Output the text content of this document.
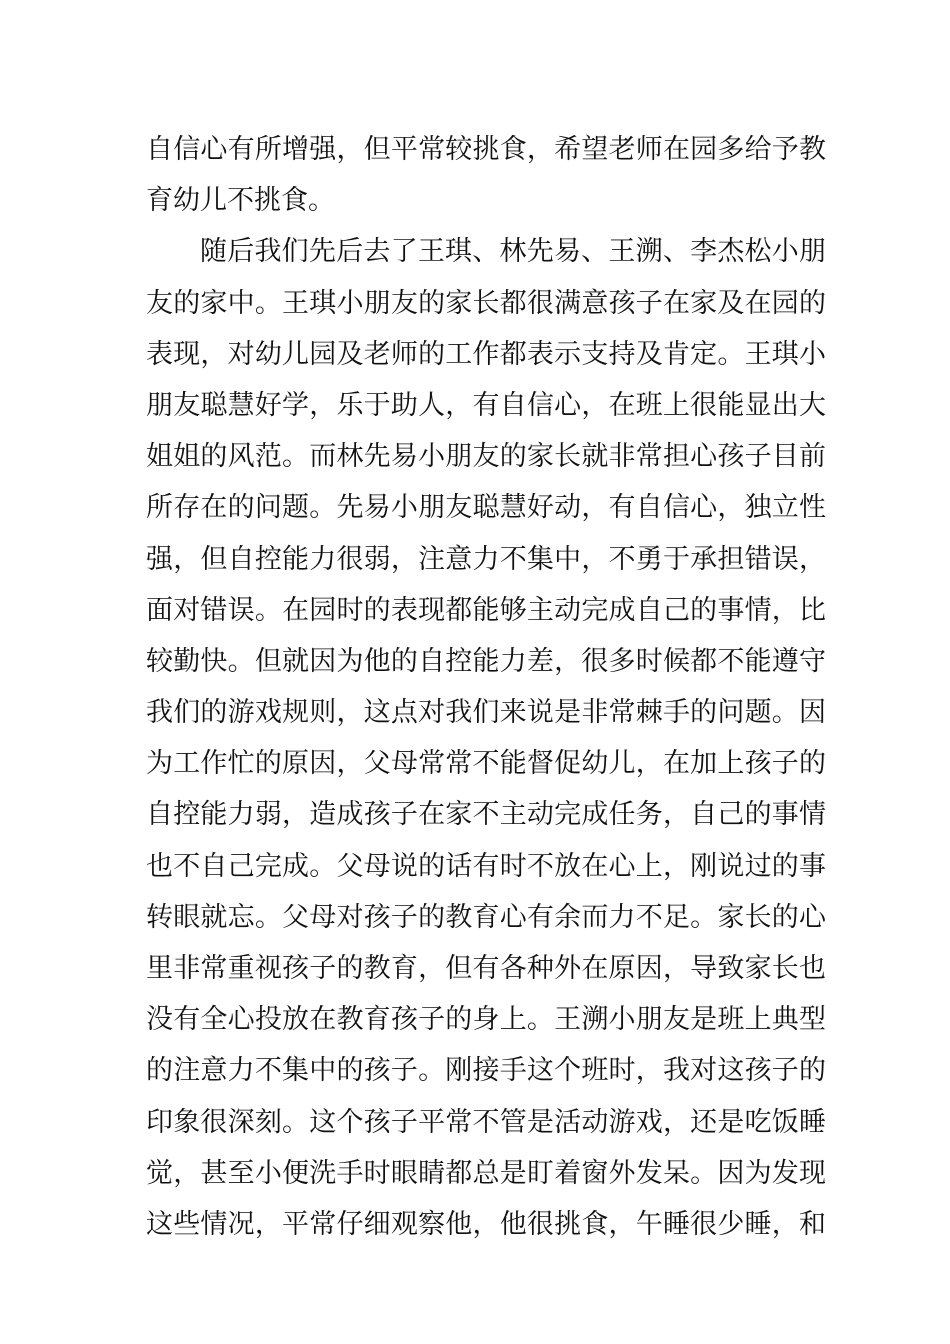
自信心有所增强，但平常较挑食，希望老师在园多给予教
育幼儿不挑食。
随后我们先后去了王琪、林先易、王溯、李杰松小朋
友的家中。王琪小朋友的家长都很满意孩子在家及在园的
表现，对幼儿园及老师的工作都表示支持及肯定。王琪小
朋友聪慧好学，乐于助人，有自信心，在班上很能显出大
姐姐的风范。而林先易小朋友的家长就非常担心孩子目前
所存在的问题。先易小朋友聪慧好动，有自信心，独立性
强，但自控能力很弱，注意力不集中，不勇于承担错误，
面对错误。在园时的表现都能够主动完成自己的事情，比
较勤快。但就因为他的自控能力差，很多时候都不能遵守
我们的游戏规则，这点对我们来说是非常棘手的问题。因
为工作忙的原因，父母常常不能督促幼儿，在加上孩子的
自控能力弱，造成孩子在家不主动完成任务，自己的事情
也不自己完成。父母说的话有时不放在心上，刚说过的事
转眼就忘。父母对孩子的教育心有余而力不足。家长的心
里非常重视孩子的教育，但有各种外在原因，导致家长也
没有全心投放在教育孩子的身上。王溯小朋友是班上典型
的注意力不集中的孩子。刚接手这个班时，我对这孩子的
印象很深刻。这个孩子平常不管是活动游戏，还是吃饭睡
觉，甚至小便洗手时眼睛都总是盯着窗外发呆。因为发现
这些情况，平常仔细观察他，他很挑食，午睡很少睡，和
